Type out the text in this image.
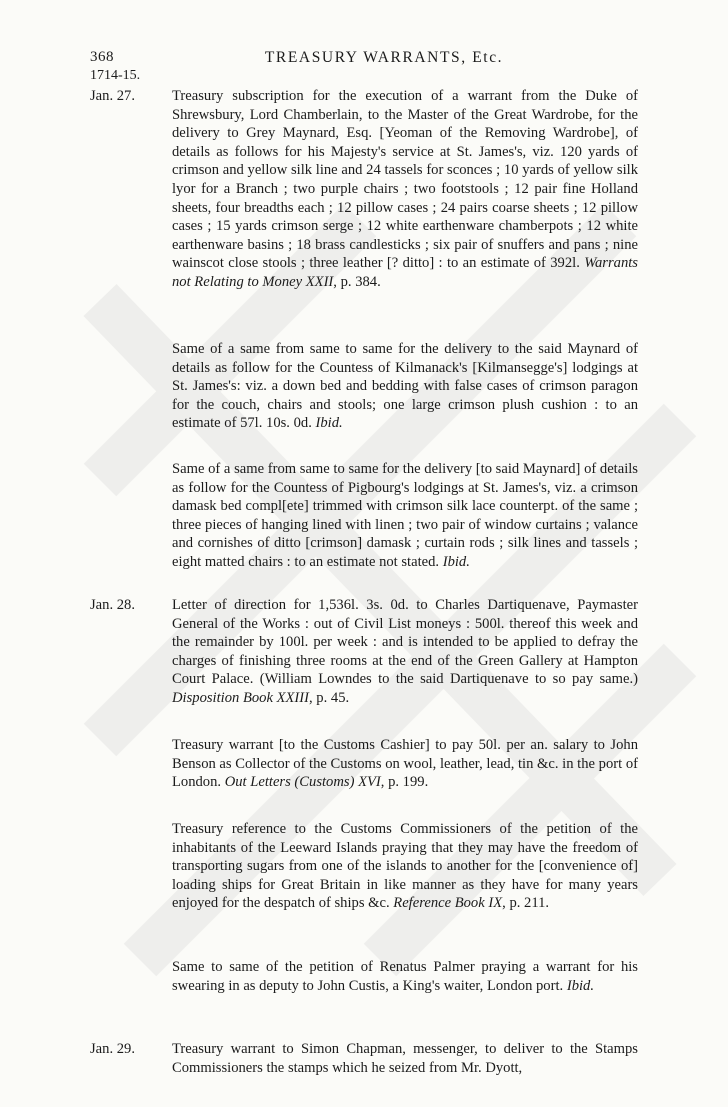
368	TREASURY WARRANTS, Etc.
1714-15.
Jan. 27.	Treasury subscription for the execution of a warrant from the Duke of Shrewsbury, Lord Chamberlain, to the Master of the Great Wardrobe, for the delivery to Grey Maynard, Esq. [Yeoman of the Removing Wardrobe], of details as follows for his Majesty's service at St. James's, viz. 120 yards of crimson and yellow silk line and 24 tassels for sconces ; 10 yards of yellow silk lyor for a Branch ; two purple chairs ; two footstools ; 12 pair fine Holland sheets, four breadths each ; 12 pillow cases ; 24 pairs coarse sheets ; 12 pillow cases ; 15 yards crimson serge ; 12 white earthenware chamberpots ; 12 white earthenware basins ; 18 brass candlesticks ; six pair of snuffers and pans ; nine wainscot close stools ; three leather [? ditto] : to an estimate of 392l. Warrants not Relating to Money XXII, p. 384.
Same of a same from same to same for the delivery to the said Maynard of details as follow for the Countess of Kilmanack's [Kilmansegge's] lodgings at St. James's: viz. a down bed and bedding with false cases of crimson paragon for the couch, chairs and stools; one large crimson plush cushion : to an estimate of 57l. 10s. 0d. Ibid.
Same of a same from same to same for the delivery [to said Maynard] of details as follow for the Countess of Pigbourg's lodgings at St. James's, viz. a crimson damask bed compl[ete] trimmed with crimson silk lace counterpt. of the same ; three pieces of hanging lined with linen ; two pair of window curtains ; valance and cornishes of ditto [crimson] damask ; curtain rods ; silk lines and tassels ; eight matted chairs : to an estimate not stated. Ibid.
Jan. 28.	Letter of direction for 1,536l. 3s. 0d. to Charles Dartiquenave, Paymaster General of the Works : out of Civil List moneys : 500l. thereof this week and the remainder by 100l. per week : and is intended to be applied to defray the charges of finishing three rooms at the end of the Green Gallery at Hampton Court Palace. (William Lowndes to the said Dartiquenave to so pay same.) Disposition Book XXIII, p. 45.
Treasury warrant [to the Customs Cashier] to pay 50l. per an. salary to John Benson as Collector of the Customs on wool, leather, lead, tin &c. in the port of London. Out Letters (Customs) XVI, p. 199.
Treasury reference to the Customs Commissioners of the petition of the inhabitants of the Leeward Islands praying that they may have the freedom of transporting sugars from one of the islands to another for the [convenience of] loading ships for Great Britain in like manner as they have for many years enjoyed for the despatch of ships &c. Reference Book IX, p. 211.
Same to same of the petition of Renatus Palmer praying a warrant for his swearing in as deputy to John Custis, a King's waiter, London port. Ibid.
Jan. 29.	Treasury warrant to Simon Chapman, messenger, to deliver to the Stamps Commissioners the stamps which he seized from Mr. Dyott,
